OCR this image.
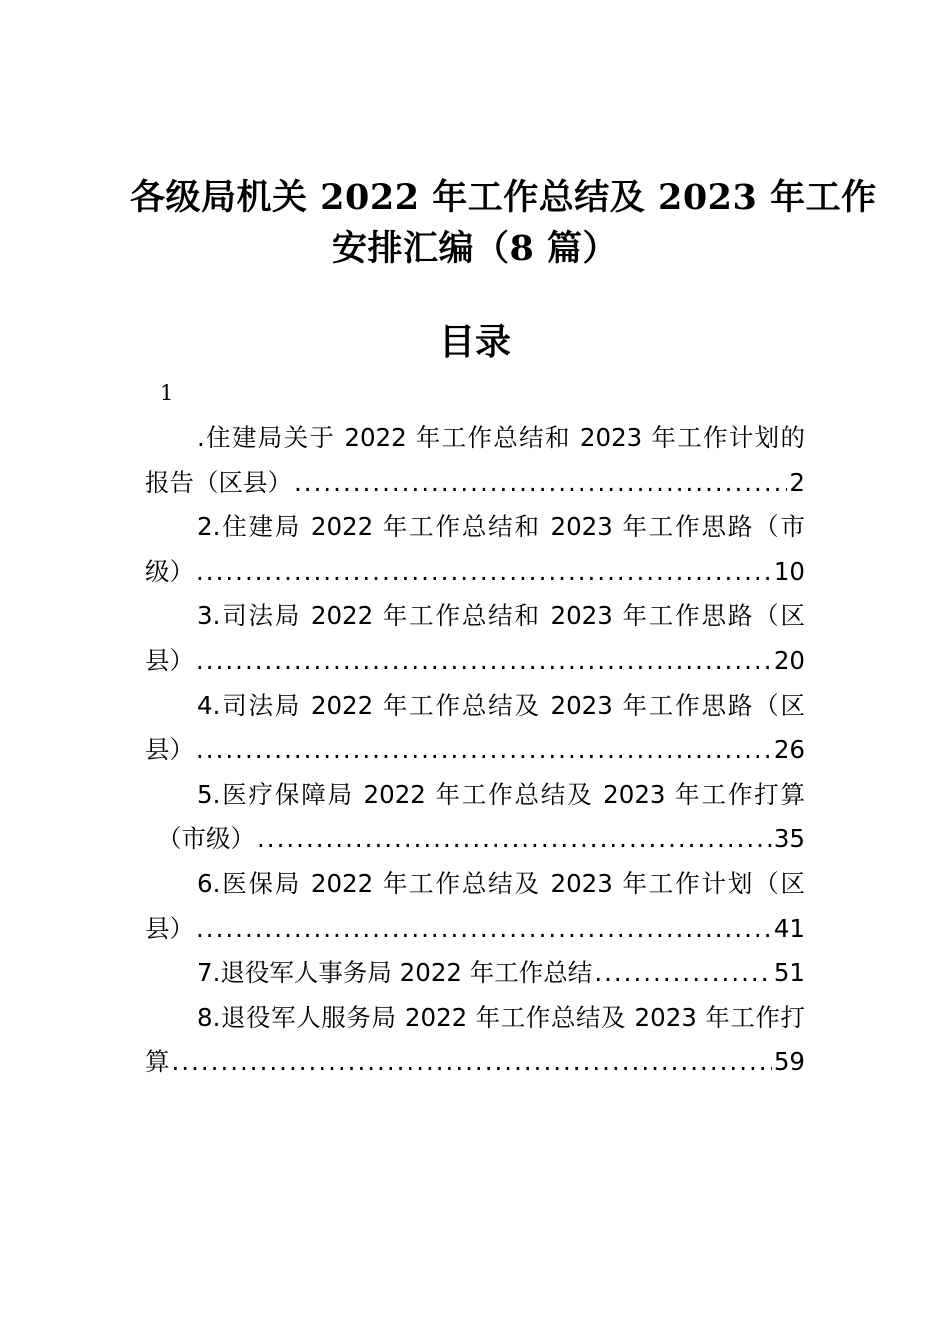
各级局机关 2022 年工作总结及 2023 年工作
安排汇编（8 篇）
目录
1
.住建局关于 2022 年工作总结和 2023 年工作计划的
报告（区县） .....	2
2.住建局 2022 年工作总结和 2023 年工作思路（市
级） .....	10
3.司法局 2022 年工作总结和 2023 年工作思路（区
县） .....	20
4.司法局 2022 年工作总结及 2023 年工作思路（区
县） .....	26
5.医疗保障局 2022 年工作总结及 2023 年工作打算
（市级） .....	35
6.医保局 2022 年工作总结及 2023 年工作计划（区
县） .....	41
7.退役军人事务局 2022 年工作总结 .....	51
8.退役军人服务局 2022 年工作总结及 2023 年工作打
算 .....	59
